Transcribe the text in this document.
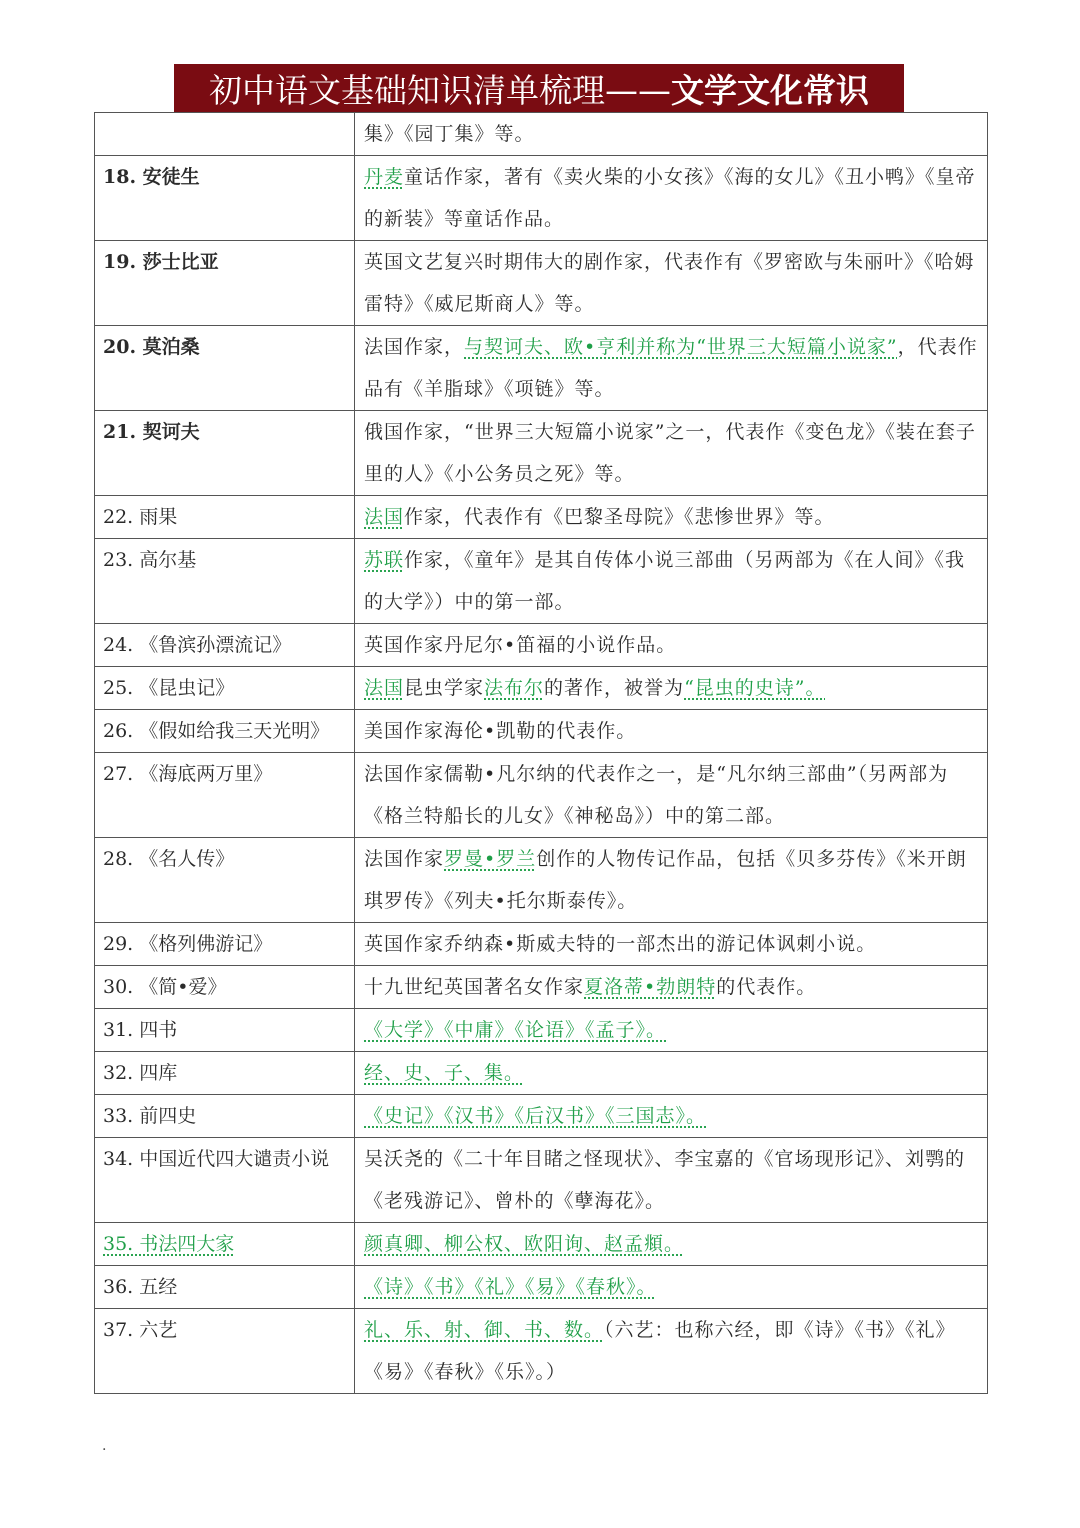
初中语文基础知识清单梳理—— 文学文化常识
	集》《园丁集》等。
18. 安徒生	丹麦童话作家，著有《卖火柴的小女孩》《海的女儿》《丑小鸭》《皇帝的新装》等童话作品。
19. 莎士比亚	英国文艺复兴时期伟大的剧作家，代表作有《罗密欧与朱丽叶》《哈姆雷特》《威尼斯商人》等。
20. 莫泊桑	法国作家，与契诃夫、欧•亨利并称为“世界三大短篇小说家”，代表作品有《羊脂球》《项链》等。
21. 契诃夫	俄国作家，“世界三大短篇小说家”之一，代表作《变色龙》《装在套子里的人》《小公务员之死》等。
22. 雨果	法国作家，代表作有《巴黎圣母院》《悲惨世界》等。
23. 高尔基	苏联作家，《童年》是其自传体小说三部曲（另两部为《在人间》《我的大学》）中的第一部。
24. 《鲁滨孙漂流记》	英国作家丹尼尔•笛福的小说作品。
25. 《昆虫记》	法国昆虫学家法布尔的著作，被誉为“昆虫的史诗”。
26. 《假如给我三天光明》	美国作家海伦•凯勒的代表作。
27. 《海底两万里》	法国作家儒勒•凡尔纳的代表作之一，是“凡尔纳三部曲”（另两部为《格兰特船长的儿女》《神秘岛》）中的第二部。
28. 《名人传》	法国作家罗曼•罗兰创作的人物传记作品，包括《贝多芬传》《米开朗琪罗传》《列夫•托尔斯泰传》。
29. 《格列佛游记》	英国作家乔纳森•斯威夫特的一部杰出的游记体讽刺小说。
30. 《简•爱》	十九世纪英国著名女作家夏洛蒂•勃朗特的代表作。
31. 四书	《大学》《中庸》《论语》《孟子》。
32. 四库	经、史、子、集。
33. 前四史	《史记》《汉书》《后汉书》《三国志》。

34. 中国近代四大谴责小说	吴沃尧的《二十年目睹之怪现状》、李宝嘉的《官场现形记》、刘鹗的《老残游记》、曾朴的《孽海花》。
35. 书法四大家	颜真卿、柳公权、欧阳询、赵孟頫。
36. 五经	《诗》《书》《礼》《易》《春秋》。
37. 六艺	礼、乐、射、御、书、数。（六艺：也称六经，即《诗》《书》《礼》《易》《春秋》《乐》。）
.
